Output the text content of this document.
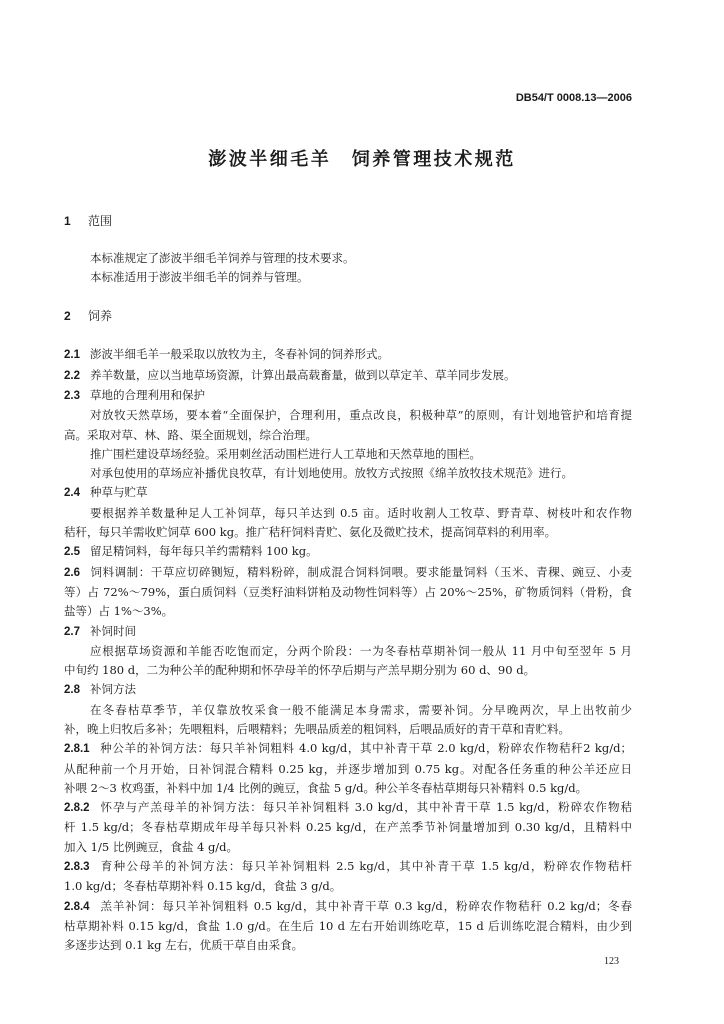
DB54/T 0008.13—2006
澎波半细毛羊　饲养管理技术规范
1 范围
本标准规定了澎波半细毛羊饲养与管理的技术要求。
本标准适用于澎波半细毛羊的饲养与管理。
2 饲养
2.1 澎波半细毛羊一般采取以放牧为主，冬春补饲的饲养形式。
2.2 养羊数量，应以当地草场资源，计算出最高载畜量，做到以草定羊、草羊同步发展。
2.3 草地的合理利用和保护
对放牧天然草场，要本着“全面保护，合理利用，重点改良，积极种草”的原则，有计划地管护和培育提
高。采取对草、林、路、渠全面规划，综合治理。
推广围栏建设草场经验。采用刺丝活动围栏进行人工草地和天然草地的围栏。
对承包使用的草场应补播优良牧草，有计划地使用。放牧方式按照《绵羊放牧技术规范》进行。
2.4 种草与贮草
要根据养羊数量种足人工补饲草，每只羊达到 0.5 亩。适时收割人工牧草、野青草、树枝叶和农作物
秸秆，每只羊需收贮饲草 600 kg。推广秸秆饲料青贮、氨化及微贮技术，提高饲草料的利用率。
2.5 留足精饲料，每年每只羊约需精料 100 kg。
2.6 饲料调制：干草应切碎铡短，精料粉碎，制成混合饲料饲喂。要求能量饲料（玉米、青稞、豌豆、小麦
等）占 72%～79%，蛋白质饲料（豆类籽油料饼粕及动物性饲料等）占 20%～25%，矿物质饲料（骨粉，食
盐等）占 1%～3%。
2.7 补饲时间
应根据草场资源和羊能否吃饱而定，分两个阶段：一为冬春枯草期补饲一般从 11 月中旬至翌年 5 月
中旬约 180 d，二为种公羊的配种期和怀孕母羊的怀孕后期与产羔早期分别为 60 d、90 d。
2.8 补饲方法
在冬春枯草季节，羊仅靠放牧采食一般不能满足本身需求，需要补饲。分早晚两次，早上出牧前少
补，晚上归牧后多补；先喂粗料，后喂精料；先喂品质差的粗饲料，后喂品质好的青干草和青贮料。
2.8.1 种公羊的补饲方法：每只羊补饲粗料 4.0 kg/d，其中补青干草 2.0 kg/d，粉碎农作物秸秆2 kg/d；
从配种前一个月开始，日补饲混合精料 0.25 kg，并逐步增加到 0.75 kg。对配各任务重的种公羊还应日
补喂 2～3 枚鸡蛋，补料中加 1/4 比例的豌豆，食盐 5 g/d。种公羊冬春枯草期每只补精料 0.5 kg/d。
2.8.2 怀孕与产羔母羊的补饲方法：每只羊补饲粗料 3.0 kg/d，其中补青干草 1.5 kg/d，粉碎农作物秸
杆 1.5 kg/d；冬春枯草期成年母羊每只补料 0.25 kg/d，在产羔季节补饲量增加到 0.30 kg/d，且精料中
加入 1/5 比例豌豆，食盐 4 g/d。
2.8.3 育种公母羊的补饲方法：每只羊补饲粗料 2.5 kg/d，其中补青干草 1.5 kg/d，粉碎农作物秸杆
1.0 kg/d；冬春枯草期补料 0.15 kg/d，食盐 3 g/d。
2.8.4 羔羊补饲：每只羊补饲粗料 0.5 kg/d，其中补青干草 0.3 kg/d，粉碎农作物秸秆 0.2 kg/d；冬春
枯草期补料 0.15 kg/d，食盐 1.0 g/d。在生后 10 d 左右开始训练吃草，15 d 后训练吃混合精料，由少到
多逐步达到 0.1 kg 左右，优质干草自由采食。
123
